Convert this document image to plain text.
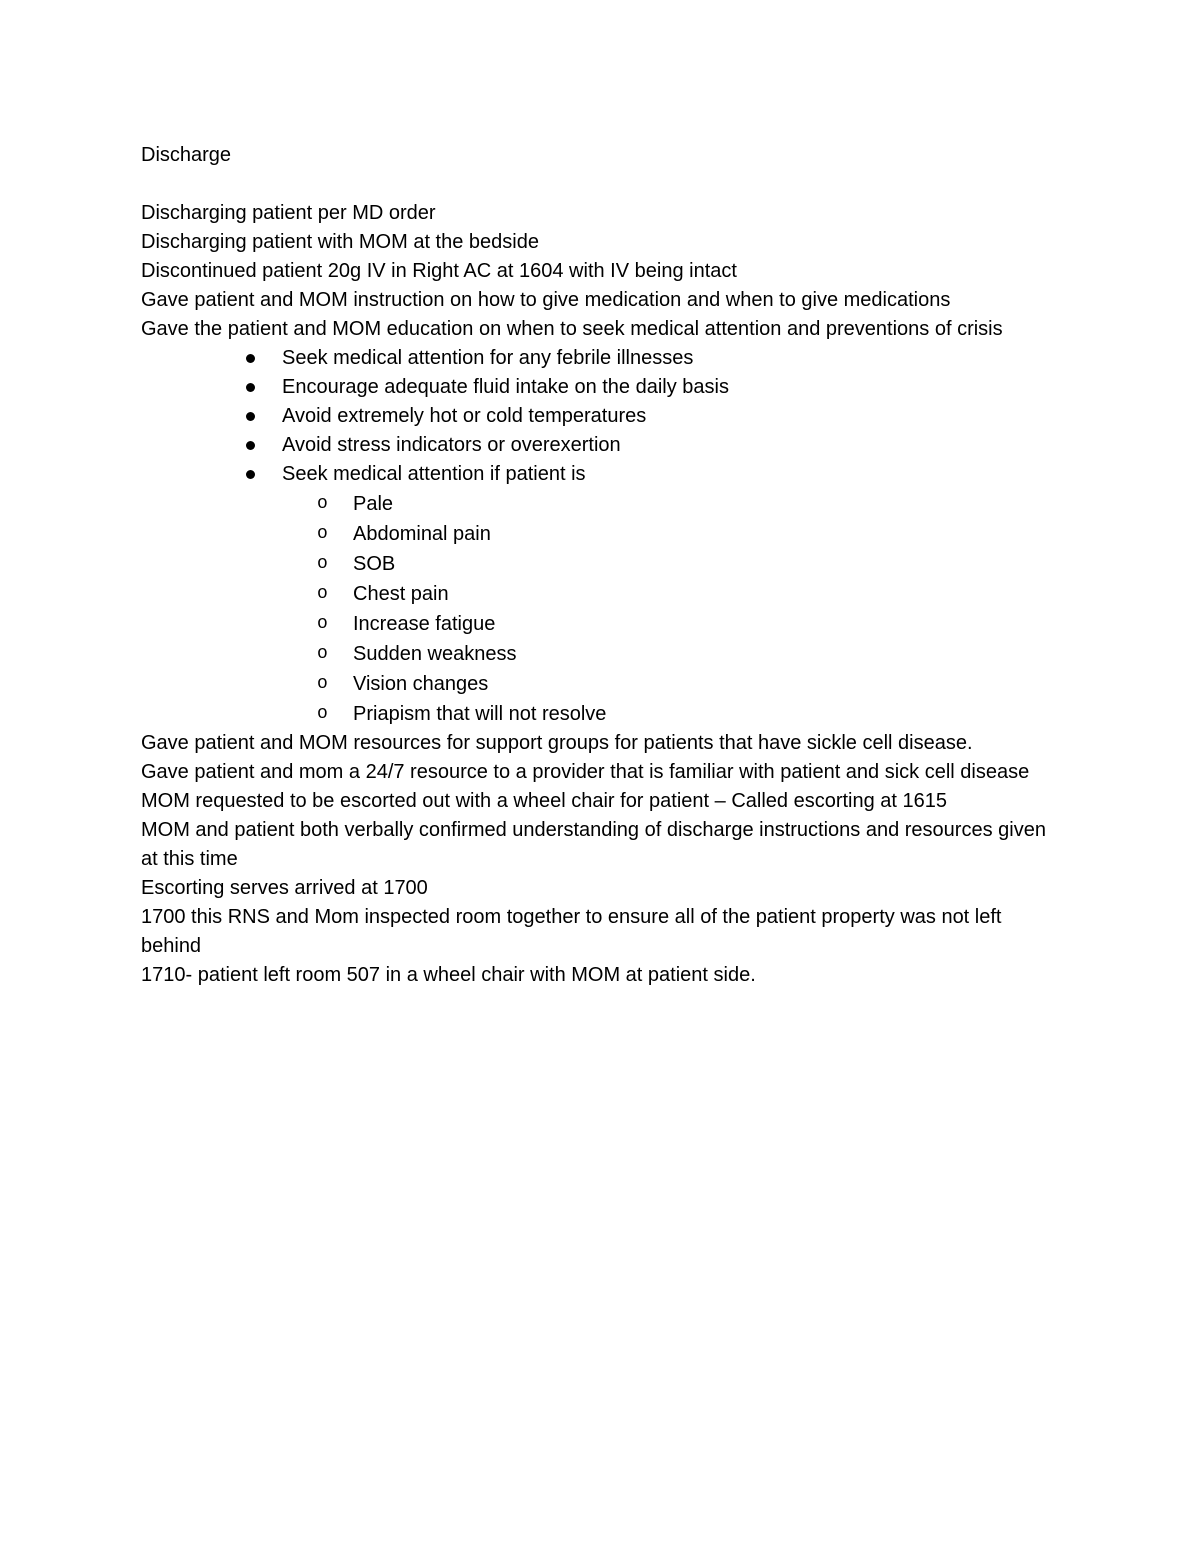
Discharge

Discharging patient per MD order

Discharging patient with MOM at the bedside

Discontinued patient 20g IV in Right AC at 1604 with IV being intact

Gave patient and MOM instruction on how to give medication and when to give medications

Gave the patient and MOM education on when to seek medical attention and preventions of crisis

Seek medical attention for any febrile illnesses
Encourage adequate fluid intake on the daily basis
Avoid extremely hot or cold temperatures
Avoid stress indicators or overexertion
Seek medical attention if patient is
o Pale
o Abdominal pain
o SOB
o Chest pain
o Increase fatigue
o Sudden weakness
o Vision changes
o Priapism that will not resolve

Gave patient and MOM resources for support groups for patients that have sickle cell disease.

Gave patient and mom a 24/7 resource to a provider that is familiar with patient and sick cell disease

MOM requested to be escorted out with a wheel chair for patient – Called escorting at 1615

MOM and patient both verbally confirmed understanding of discharge instructions and resources given at this time

Escorting serves arrived at 1700

1700 this RNS and Mom inspected room together to ensure all of the patient property was not left behind

1710- patient left room 507 in a wheel chair with MOM at patient side.
